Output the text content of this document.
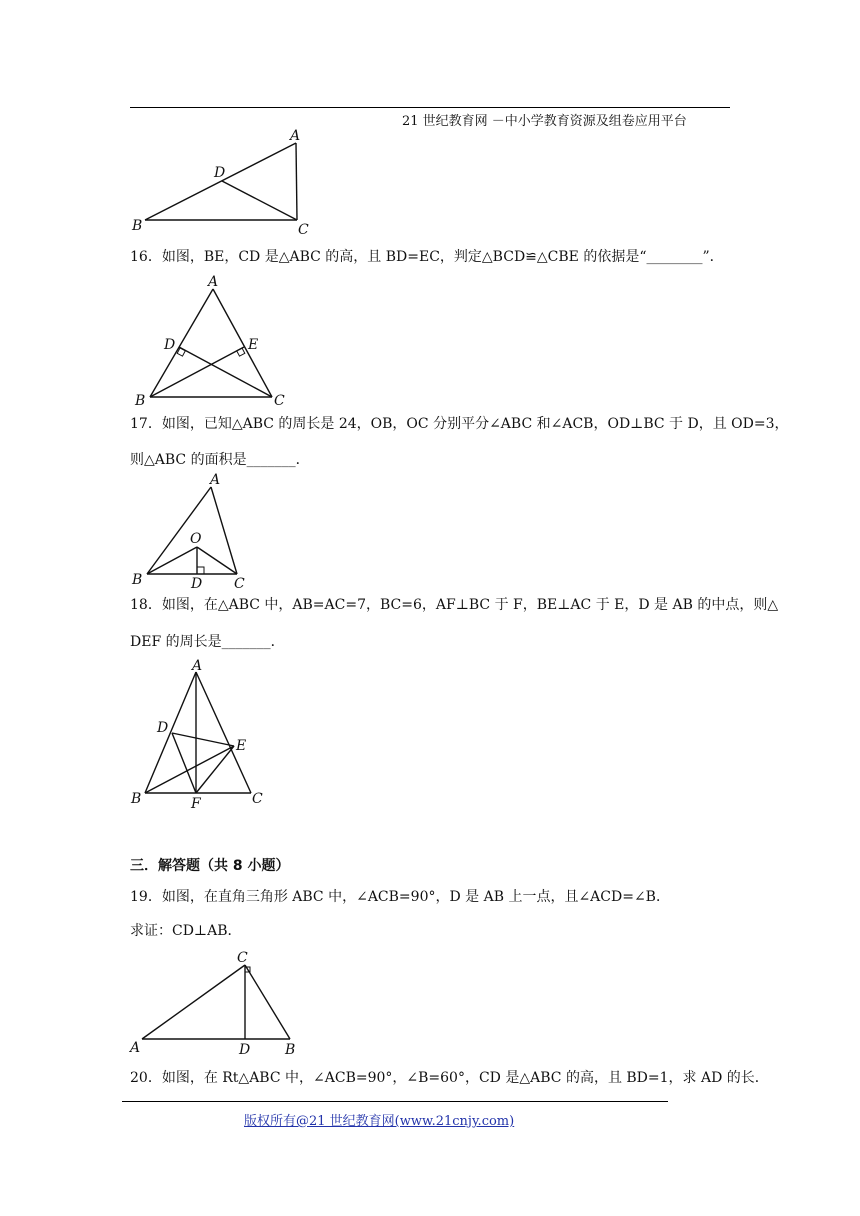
21 世纪教育网 －中小学教育资源及组卷应用平台
A
D
B	C
16．如图，BE，CD 是△ABC 的高，且 BD=EC，判定△BCD≌△CBE 的依据是“________”．
A
D	E
B	C
17．如图，已知△ABC 的周长是 24，OB，OC 分别平分∠ABC 和∠ACB，OD⊥BC 于 D，且 OD=3，
则△ABC 的面积是_______．
A
O
B	D C
18．如图，在△ABC 中，AB=AC=7，BC=6，AF⊥BC 于 F，BE⊥AC 于 E，D 是 AB 的中点，则△
DEF 的周长是_______．
A
D
E
B	F	C
三．解答题（共 8 小题）
19．如图，在直角三角形 ABC 中，∠ACB=90°，D 是 AB 上一点，且∠ACD=∠B．
求证：CD⊥AB．
C
A	D B
20．如图，在 Rt△ABC 中，∠ACB=90°，∠B=60°，CD 是△ABC 的高，且 BD=1，求 AD 的长．
版权所有@21 世纪教育网(www.21cnjy.com)
